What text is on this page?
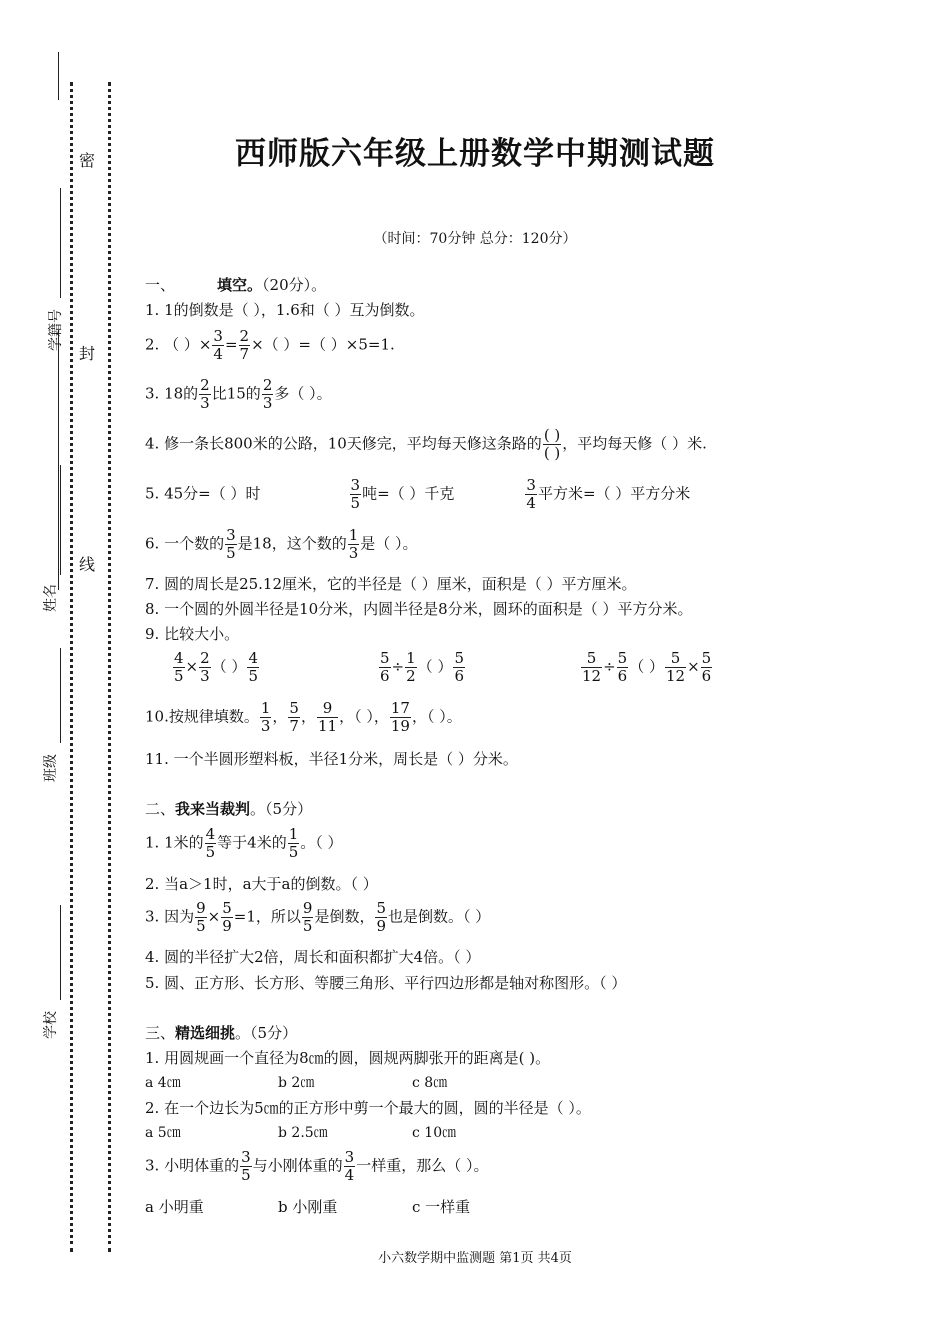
密
封
线
学籍号
姓名
班级
学校
西师版六年级上册数学中期测试题
（时间：70分钟 总分：120分）
一、	填空。（20分）。
1. 1的倒数是（ ），1.6和（ ）互为倒数。
2. （ ）× $\frac{3}{4} = \frac{2}{7}$ ×（ ）=（ ）×5=1.
3. 18的 $\frac{2}{3}$ 比15的 $\frac{2}{3}$ 多（ ）。
4. 修一条长800米的公路，10天修完，平均每天修这条路的 $\frac{( )}{( )}$ ，平均每天修（ ）米.
5. 45分=（ ）时	$\frac{3}{5}$ 吨=（ ）千克	$\frac{3}{4}$ 平方米=（ ）平方分米
6. 一个数的 $\frac{3}{5}$ 是18，这个数的 $\frac{1}{3}$ 是（ ）。
7. 圆的周长是25.12厘米，它的半径是（ ）厘米，面积是（ ）平方厘米。
8. 一个圆的外圆半径是10分米，内圆半径是8分米，圆环的面积是（ ）平方分米。
9. 比较大小。
$\frac{4}{5} \times \frac{2}{3}$ （ ） $\frac{4}{5}$	$\frac{5}{6} \div \frac{1}{2}$ （ ） $\frac{5}{6}$	$\frac{5}{12} \div \frac{5}{6}$ （ ） $\frac{5}{12} \times \frac{5}{6}$
10.按规律填数。 $\frac{1}{3}$ ， $\frac{5}{7}$ ， $\frac{9}{11}$ ，（ ）， $\frac{17}{19}$ ，（ ）。
11. 一个半圆形塑料板，半径1分米，周长是（ ）分米。
二、我来当裁判。（5分）
1. 1米的 $\frac{4}{5}$ 等于4米的 $\frac{1}{5}$ 。（ ）
2. 当a＞1时，a大于a的倒数。（ ）
3. 因为 $\frac{9}{5} \times \frac{5}{9} =1$，所以 $\frac{9}{5}$ 是倒数， $\frac{5}{9}$ 也是倒数。（ ）
4. 圆的半径扩大2倍，周长和面积都扩大4倍。（ ）
5. 圆、正方形、长方形、等腰三角形、平行四边形都是轴对称图形。（ ）
三、精选细挑。（5分）
1. 用圆规画一个直径为8㎝的圆，圆规两脚张开的距离是( )。
a 4㎝	b 2㎝	c 8㎝
2. 在一个边长为5㎝的正方形中剪一个最大的圆，圆的半径是（ ）。
a 5㎝	b 2.5㎝	c 10㎝
3. 小明体重的 $\frac{3}{5}$ 与小刚体重的 $\frac{3}{4}$ 一样重，那么（ ）。
a 小明重	b 小刚重	c 一样重
小六数学期中监测题 第1页 共4页
